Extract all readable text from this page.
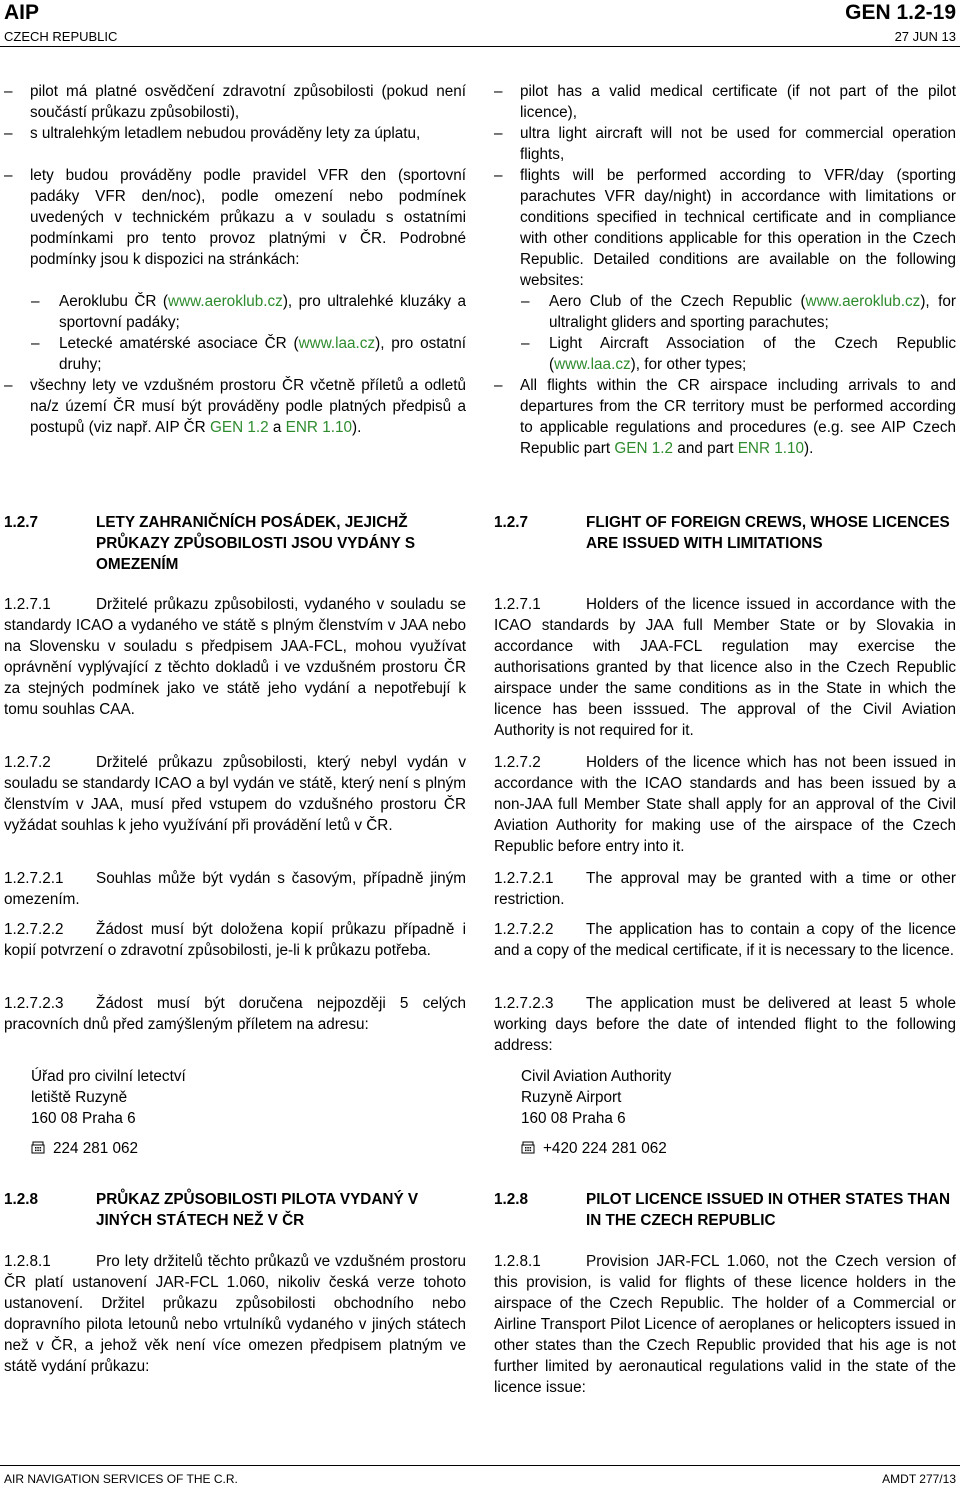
AIP
CZECH REPUBLIC
GEN 1.2-19
27 JUN 13
– pilot má platné osvědčení zdravotní způsobilosti (pokud není součástí průkazu způsobilosti),
– s ultralehkým letadlem nebudou prováděny lety za úplatu,
– lety budou prováděny podle pravidel VFR den (sportovní padáky VFR den/noc), podle omezení nebo podmínek uvedených v technickém průkazu a v souladu s ostatními podmínkami pro tento provoz platnými v ČR. Podrobné podmínky jsou k dispozici na stránkách:
– Aeroklubu ČR (www.aeroklub.cz), pro ultralehké kluzáky a sportovní padáky;
– Letecké amatérské asociace ČR (www.laa.cz), pro ostatní druhy;
– všechny lety ve vzdušném prostoru ČR včetně příletů a odletů na/z území ČR musí být prováděny podle platných předpisů a postupů (viz např. AIP ČR GEN 1.2 a ENR 1.10).
– pilot has a valid medical certificate (if not part of the pilot licence),
– ultra light aircraft will not be used for commercial operation flights,
– flights will be performed according to VFR/day (sporting parachutes VFR day/night) in accordance with limitations or conditions specified in technical certificate and in compliance with other conditions applicable for this operation in the Czech Republic. Detailed conditions are available on the following websites:
– Aero Club of the Czech Republic (www.aeroklub.cz), for ultralight gliders and sporting parachutes;
– Light Aircraft Association of the Czech Republic (www.laa.cz), for other types;
– All flights within the CR airspace including arrivals to and departures from the CR territory must be performed according to applicable regulations and procedures (e.g. see AIP Czech Republic part GEN 1.2 and part ENR 1.10).
1.2.7	LETY ZAHRANIČNÍCH POSÁDEK, JEJICHŽ PRŮKAZY ZPŮSOBILOSTI JSOU VYDÁNY S OMEZENÍM
1.2.7	FLIGHT OF FOREIGN CREWS, WHOSE LICENCES ARE ISSUED WITH LIMITATIONS

1.2.7.1	Držitelé průkazu způsobilosti, vydaného v souladu se standardy ICAO a vydaného ve státě s plným členstvím v JAA nebo na Slovensku v souladu s předpisem JAA-FCL, mohou využívat oprávnění vyplývající z těchto dokladů i ve vzdušném prostoru ČR za stejných podmínek jako ve státě jeho vydání a nepotřebují k tomu souhlas CAA.

1.2.7.1	Holders of the licence issued in accordance with the ICAO standards by JAA full Member State or by Slovakia in accordance with JAA-FCL regulation may exercise the authorisations granted by that licence also in the Czech Republic airspace under the same conditions as in the State in which the licence has been isssued. The approval of the Civil Aviation Authority is not required for it.

1.2.7.2	Držitelé průkazu způsobilosti, který nebyl vydán v souladu se standardy ICAO a byl vydán ve státě, který není s plným členstvím v JAA, musí před vstupem do vzdušného prostoru ČR vyžádat souhlas k jeho využívání při provádění letů v ČR.

1.2.7.2	Holders of the licence which has not been issued in accordance with the ICAO standards and has been issued by a non-JAA full Member State shall apply for an approval of the Civil Aviation Authority for making use of the airspace of the Czech Republic before entry into it.

1.2.7.2.1 Souhlas může být vydán s časovým, případně jiným omezením.

1.2.7.2.1 The approval may be granted with a time or other restriction.

1.2.7.2.2 Žádost musí být doložena kopií průkazu případně i kopií potvrzení o zdravotní způsobilosti, je-li k průkazu potřeba.

1.2.7.2.2 The application has to contain a copy of the licence and a copy of the medical certificate, if it is necessary to the licence.

1.2.7.2.3 Žádost musí být doručena nejpozději 5 celých pracovních dnů před zamýšleným příletem na adresu:

1.2.7.2.3 The application must be delivered at least 5 whole working days before the date of intended flight to the following address:

Úřad pro civilní letectví
letiště Ruzyně
160 08 Praha 6
224 281 062
Civil Aviation Authority
Ruzyně Airport
160 08 Praha 6
+420 224 281 062
1.2.8	PRŮKAZ ZPŮSOBILOSTI PILOTA VYDANÝ V JINÝCH STÁTECH NEŽ V ČR
1.2.8	PILOT LICENCE ISSUED IN OTHER STATES THAN IN THE CZECH REPUBLIC

1.2.8.1	Pro lety držitelů těchto průkazů ve vzdušném prostoru ČR platí ustanovení JAR-FCL 1.060, nikoliv česká verze tohoto ustanovení. Držitel průkazu způsobilosti obchodního nebo dopravního pilota letounů nebo vrtulníků vydaného v jiných státech než v ČR, a jehož věk není více omezen předpisem platným ve státě vydání průkazu:

1.2.8.1	Provision JAR-FCL 1.060, not the Czech version of this provision, is valid for flights of these licence holders in the airspace of the Czech Republic. The holder of a Commercial or Airline Transport Pilot Licence of aeroplanes or helicopters issued in other states than the Czech Republic provided that his age is not further limited by aeronautical regulations valid in the state of the licence issue:

AIR NAVIGATION SERVICES OF THE C.R.	AMDT 277/13
